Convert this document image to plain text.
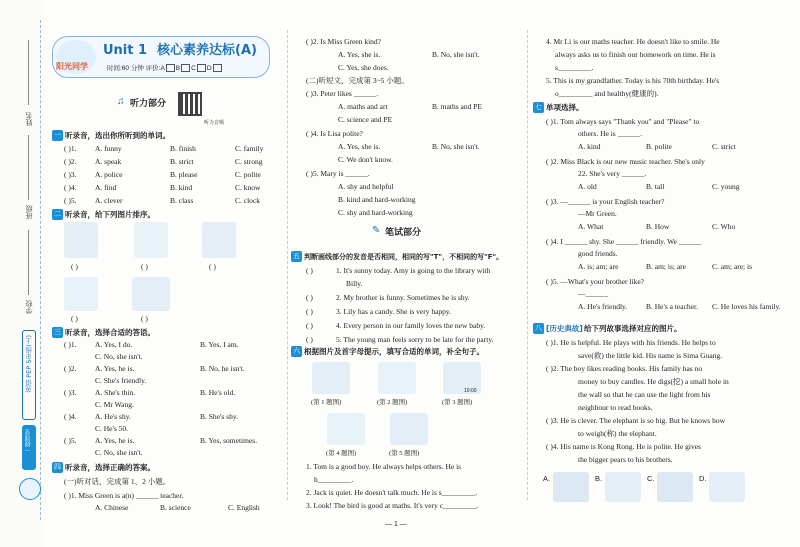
姓名
班级
学校
英语 PEP 5年级(上)
一线课堂
阳光同学
Unit 1 核心素养达标(A)
时间:60 分钟 评价:A B C D
♫ 听力部分
听力音频
一 听录音，选出你所听到的单词。
二 听录音，给下列图片排序。
( )	( )	( )
( )	( )
三 听录音，选择合适的答语。
四 听录音，选择正确的答案。
(一)听对话，完成第 1、2 小题。
( )1. Miss Green is a(n) ______ teacher.
A. Chinese	B. science	C. English
( )2. Is Miss Green kind?
A. Yes, she is.	B. No, she isn't.
C. Yes, she does.
(二)听短文，完成第 3~5 小题。
( )3. Peter likes ______.
A. maths and art	B. maths and PE
C. science and PE
( )4. Is Lisa polite?
A. Yes, she is.	B. No, she isn't.
C. We don't know.
( )5. Mary is ______.
A. shy and helpful
B. kind and hard-working
C. shy and hard-working
✎ 笔试部分
五 判断画线部分的发音是否相同，相同的写"T"，不相同的写"F"。
六 根据图片及首字母提示，填写合适的单词，补全句子。
10:00
(第 1 题图)	(第 2 题图)	(第 3 题图)
(第 4 题图)	(第 5 题图)
1. Tom is a good boy. He always helps others. He is
h_________.
2. Jack is quiet. He doesn't talk much. He is s_________.
3. Look! The bird is good at maths. It's very c_________.
4. Mr Li is our maths teacher. He doesn't like to smile. He
always asks us to finish our homework on time. He is
s_________.
5. This is my grandfather. Today is his 70th birthday. He's
o_________ and healthy(健康的).
七 单项选择。
八 [历史典故] 给下列故事选择对应的图片。
A.	B.	C.	D.
— 1 —
( )1. A. funny	B. finish	C. family
( )2. A. speak	B. strict	C. strong
( )3. A. police	B. please	C. polite
( )4. A. find	B. kind	C. know
( )5. A. clever	B. class	C. clock
( )1. A. Yes, I do.	B. Yes, I am.
C. No, she isn't.
( )2. A. Yes, he is.	B. No, he isn't.
C. She's friendly.
( )3. A. She's thin.	B. He's old.
C. Mr Wang.
( )4. A. He's shy.	B. She's shy.
C. He's 50.
( )5. A. Yes, he is.	B. Yes, sometimes.
C. No, she isn't.
( )	1. It's sunny today. Amy is going to the library with
Billy.
( )	2. My brother is funny. Sometimes he is shy.
( )	3. Lily has a candy. She is very happy.
( )	4. Every person in our family loves the new baby.
( )	5. The young man feels sorry to be late for the party.
( )1. Tom always says "Thank you" and "Please" to
others. He is ______.
A. kind	B. polite	C. strict
( )2. Miss Black is our new music teacher. She's only
22. She's very ______.
A. old	B. tall	C. young
( )3. —______ is your English teacher?
—Mr Green.
A. What	B. How	C. Who
( )4. I ______ shy. She ______ friendly. We ______
good friends.
A. is; am; are	B. am; is; are	C. am; are; is
( )5. —What's your brother like?
—______
A. He's friendly.	B. He's a teacher. C. He loves his family.
( )1. He is helpful. He plays with his friends. He helps to
save(救) the little kid. His name is Sima Guang.
( )2. The boy likes reading books. His family has no
money to buy candles. He digs(挖) a small hole in
the wall so that he can use the light from his
neighbour to read books.
( )3. He is clever. The elephant is so big. But he knows how
to weigh(称) the elephant.
( )4. His name is Kong Rong. He is polite. He gives
the bigger pears to his brothers.
